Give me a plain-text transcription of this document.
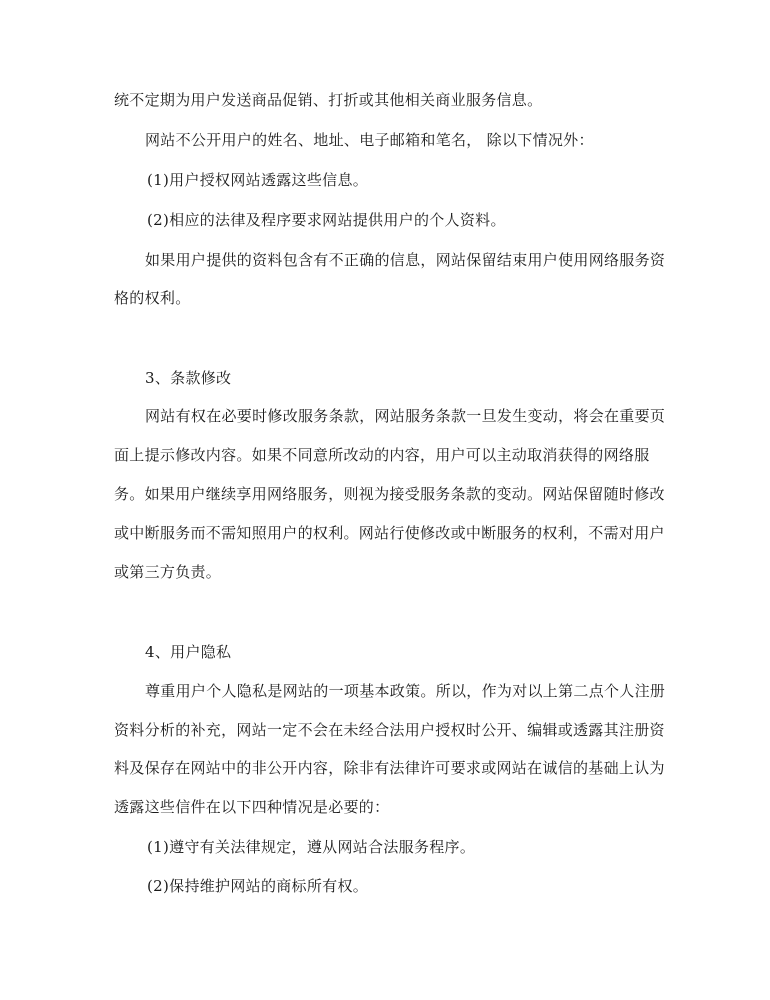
统不定期为用户发送商品促销、打折或其他相关商业服务信息。
网站不公开用户的姓名、地址、电子邮箱和笔名， 除以下情况外：
(1)用户授权网站透露这些信息。
(2)相应的法律及程序要求网站提供用户的个人资料。
如果用户提供的资料包含有不正确的信息，网站保留结束用户使用网络服务资
格的权利。
3、条款修改
网站有权在必要时修改服务条款，网站服务条款一旦发生变动，将会在重要页
面上提示修改内容。如果不同意所改动的内容，用户可以主动取消获得的网络服
务。如果用户继续享用网络服务，则视为接受服务条款的变动。网站保留随时修改
或中断服务而不需知照用户的权利。网站行使修改或中断服务的权利，不需对用户
或第三方负责。
4、用户隐私
尊重用户个人隐私是网站的一项基本政策。所以，作为对以上第二点个人注册
资料分析的补充，网站一定不会在未经合法用户授权时公开、编辑或透露其注册资
料及保存在网站中的非公开内容，除非有法律许可要求或网站在诚信的基础上认为
透露这些信件在以下四种情况是必要的：
(1)遵守有关法律规定，遵从网站合法服务程序。
(2)保持维护网站的商标所有权。
